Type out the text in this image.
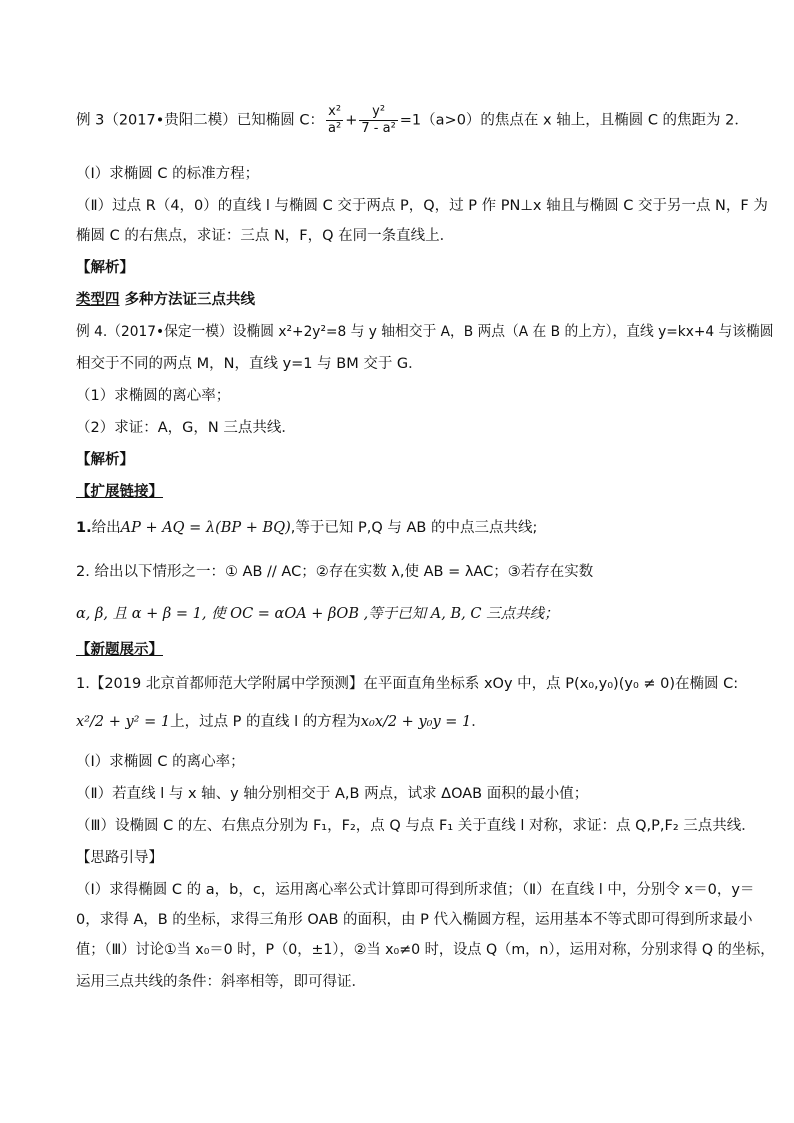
例 3（2017•贵阳二模）已知椭圆 C： $\frac{\text{x²}}{\text{a²}} + \frac{\text{y²}}{\text{7 - a²}} =1(a>0)$的焦点在 x 轴上，且椭圆 C 的焦距为 2．
（Ⅰ）求椭圆 C 的标准方程；
（Ⅱ）过点 R（4，0）的直线 l 与椭圆 C 交于两点 P，Q，过 P 作 PN⊥x 轴且与椭圆 C 交于另一点 N，F 为
椭圆 C 的右焦点，求证：三点 N，F，Q 在同一条直线上．
【解析】
类型四 多种方法证三点共线
例 4.（2017•保定一模）设椭圆 x²+2y²=8 与 y 轴相交于 A，B 两点（A 在 B 的上方），直线 y=kx+4 与该椭圆
相交于不同的两点 M，N，直线 y=1 与 BM 交于 G．
（1）求椭圆的离心率；
（2）求证：A，G，N 三点共线．
【解析】
【扩展链接】
1.给出AP + AQ = λ(BP + BQ),等于已知 P,Q 与 AB 的中点三点共线;
2. 给出以下情形之一：① AB // AC；②存在实数 λ,使 AB = λAC；③若存在实数
α, β, 且 α + β = 1, 使 OC = αOA + βOB ,等于已知 A, B, C 三点共线；
【新题展示】
1.【2019 北京首都师范大学附属中学预测】在平面直角坐标系 xOy 中，点 P(x₀,y₀)(y₀ ≠ 0)在椭圆 C:
x²/2 + y² = 1上，过点 P 的直线 l 的方程为x₀x/2 + y₀y = 1．
（Ⅰ）求椭圆 C 的离心率；
（Ⅱ）若直线 l 与 x 轴、y 轴分别相交于 A,B 两点，试求 ΔOAB 面积的最小值；
（Ⅲ）设椭圆 C 的左、右焦点分别为 F₁，F₂，点 Q 与点 F₁ 关于直线 l 对称，求证：点 Q,P,F₂ 三点共线．
【思路引导】
（Ⅰ）求得椭圆 C 的 a，b，c，运用离心率公式计算即可得到所求值；（Ⅱ）在直线 l 中，分别令 x＝0，y＝
0，求得 A，B 的坐标，求得三角形 OAB 的面积，由 P 代入椭圆方程，运用基本不等式即可得到所求最小
值；（Ⅲ）讨论①当 x₀＝0 时，P（0，±1），②当 x₀≠0 时，设点 Q（m，n），运用对称，分别求得 Q 的坐标，
运用三点共线的条件：斜率相等，即可得证．
